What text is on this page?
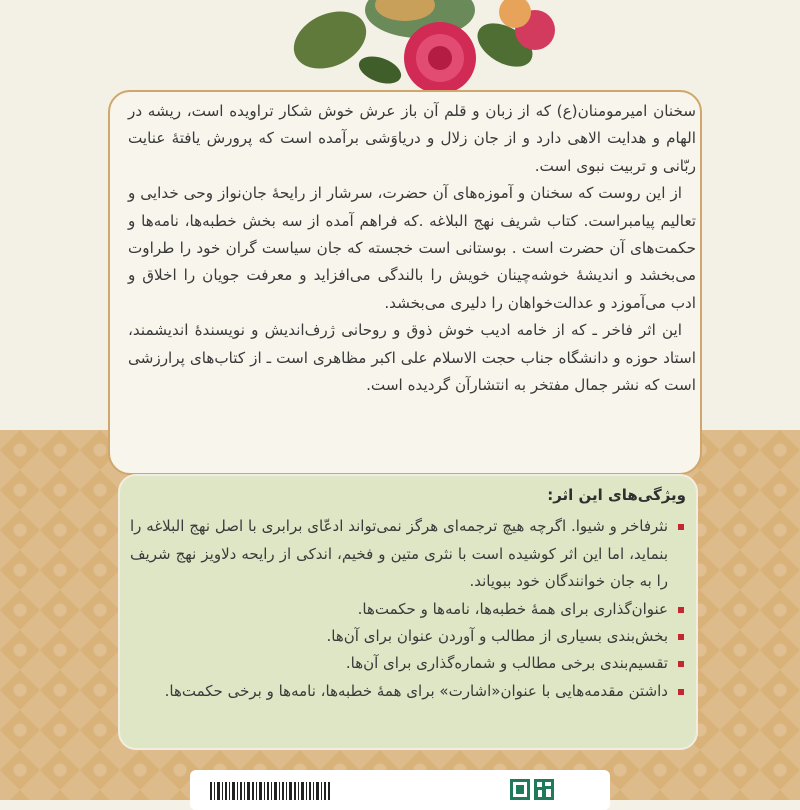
سخنان امیرمومنان(ع) که از زبان و قلم آن باز عرش خوش شکار تراویده است، ریشه در الهام و هدایت الاهی دارد و از جان زلال و دریاوَشی برآمده است که پرورش یافتهٔ عنایت ربّانی و تربیت نبوی است.

از این روست که سخنان و آموزه‌های آن حضرت، سرشار از رایحهٔ جان‌نواز وحی خدایی و تعالیم پیامبراست. کتاب شریف نهج البلاغه .که فراهم آمده از سه بخش خطبه‌ها، نامه‌ها و حکمت‌های آن حضرت است . بوستانی است خجسته که جان سیاست گران خود را طراوت می‌بخشد و اندیشهٔ خوشه‌چینان خویش را بالندگی می‌افزاید و معرفت جویان را اخلاق و ادب می‌آموزد و عدالت‌خواهان را دلیری می‌بخشد.

این اثر فاخر ـ که از خامه ادیب خوش ذوق و روحانی ژرف‌اندیش و نویسندهٔ اندیشمند، استاد حوزه و دانشگاه جناب حجت الاسلام علی اکبر مظاهری است ـ از کتاب‌های پرارزشی است که نشر جمال مفتخر به انتشارآن گردیده است.

ویژگی‌های این اثر:
نثرفاخر و شیوا. اگرچه هیچ ترجمه‌ای هرگز نمی‌تواند ادعّای برابری با اصل نهج البلاغه را بنماید، اما این اثر کوشیده است با نثری متین و فخیم، اندکی از رایحه دلاویز نهج شریف را به جان خوانندگان خود ببویاند.
عنوان‌گذاری برای همهٔ خطبه‌ها، نامه‌ها و حکمت‌ها.
بخش‌بندی بسیاری از مطالب و آوردن عنوان برای آن‌ها.
تقسیم‌بندی برخی مطالب و شماره‌گذاری برای آن‌ها.
داشتن مقدمه‌هایی با عنوان«اشارت» برای همهٔ خطبه‌ها، نامه‌ها و برخی حکمت‌ها.
